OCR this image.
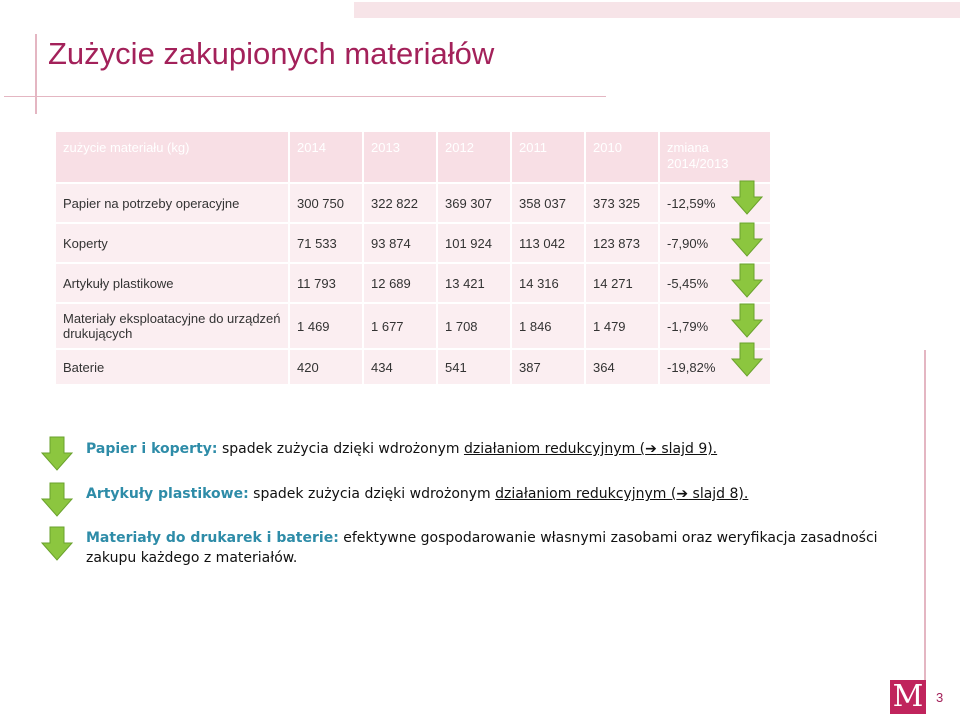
Zużycie zakupionych materiałów
zużycie materiału (kg)	2014	2013	2012	2011	2010	zmiana 2014/2013
Papier na potrzeby operacyjne	300 750	322 822	369 307	358 037	373 325	-12,59%
Koperty	71 533	93 874	101 924	113 042	123 873	-7,90%
Artykuły plastikowe	11 793	12 689	13 421	14 316	14 271	-5,45%
Materiały eksploatacyjne do urządzeń drukujących	1 469	1 677	1 708	1 846	1 479	-1,79%
Baterie	420	434	541	387	364	-19,82%
Papier i koperty: spadek zużycia dzięki wdrożonym działaniom redukcyjnym (➔ slajd 9).
Artykuły plastikowe: spadek zużycia dzięki wdrożonym działaniom redukcyjnym (➔ slajd 8).
Materiały do drukarek i baterie: efektywne gospodarowanie własnymi zasobami oraz weryfikacja zasadności zakupu każdego z materiałów.
M 3
